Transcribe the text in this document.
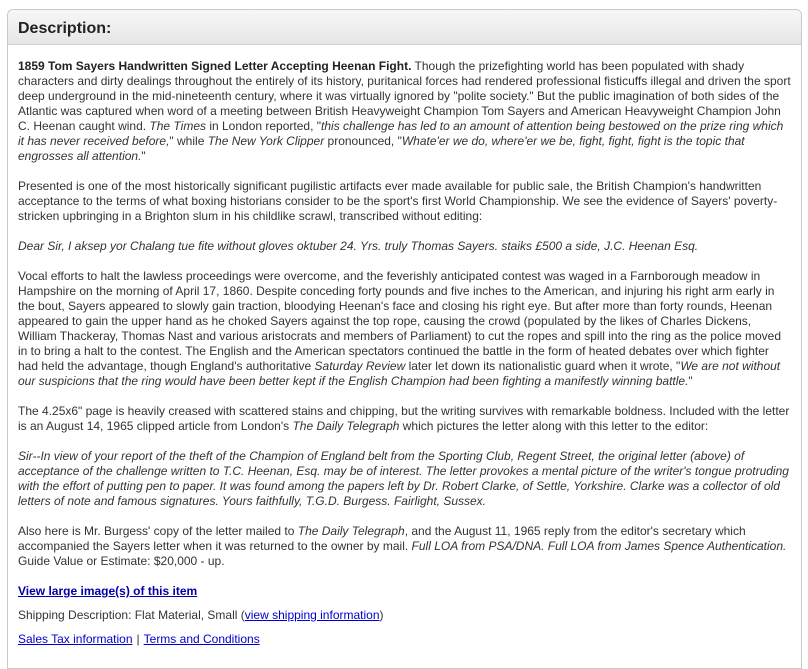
Description:

1859 Tom Sayers Handwritten Signed Letter Accepting Heenan Fight. Though the prizefighting world has been populated with shady characters and dirty dealings throughout the entirely of its history, puritanical forces had rendered professional fisticuffs illegal and driven the sport deep underground in the mid-nineteenth century, where it was virtually ignored by "polite society." But the public imagination of both sides of the Atlantic was captured when word of a meeting between British Heavyweight Champion Tom Sayers and American Heavyweight Champion John C. Heenan caught wind. The Times in London reported, "this challenge has led to an amount of attention being bestowed on the prize ring which it has never received before," while The New York Clipper pronounced, "Whate'er we do, where'er we be, fight, fight, fight is the topic that engrosses all attention."

Presented is one of the most historically significant pugilistic artifacts ever made available for public sale, the British Champion's handwritten acceptance to the terms of what boxing historians consider to be the sport's first World Championship. We see the evidence of Sayers' poverty-stricken upbringing in a Brighton slum in his childlike scrawl, transcribed without editing:

Dear Sir, I aksep yor Chalang tue fite without gloves oktuber 24. Yrs. truly Thomas Sayers. staiks £500 a side, J.C. Heenan Esq.

Vocal efforts to halt the lawless proceedings were overcome, and the feverishly anticipated contest was waged in a Farnborough meadow in Hampshire on the morning of April 17, 1860. Despite conceding forty pounds and five inches to the American, and injuring his right arm early in the bout, Sayers appeared to slowly gain traction, bloodying Heenan's face and closing his right eye. But after more than forty rounds, Heenan appeared to gain the upper hand as he choked Sayers against the top rope, causing the crowd (populated by the likes of Charles Dickens, William Thackeray, Thomas Nast and various aristocrats and members of Parliament) to cut the ropes and spill into the ring as the police moved in to bring a halt to the contest. The English and the American spectators continued the battle in the form of heated debates over which fighter had held the advantage, though England's authoritative Saturday Review later let down its nationalistic guard when it wrote, "We are not without our suspicions that the ring would have been better kept if the English Champion had been fighting a manifestly winning battle."

The 4.25x6" page is heavily creased with scattered stains and chipping, but the writing survives with remarkable boldness. Included with the letter is an August 14, 1965 clipped article from London's The Daily Telegraph which pictures the letter along with this letter to the editor:

Sir--In view of your report of the theft of the Champion of England belt from the Sporting Club, Regent Street, the original letter (above) of acceptance of the challenge written to T.C. Heenan, Esq. may be of interest. The letter provokes a mental picture of the writer's tongue protruding with the effort of putting pen to paper. It was found among the papers left by Dr. Robert Clarke, of Settle, Yorkshire. Clarke was a collector of old letters of note and famous signatures. Yours faithfully, T.G.D. Burgess. Fairlight, Sussex.

Also here is Mr. Burgess' copy of the letter mailed to The Daily Telegraph, and the August 11, 1965 reply from the editor's secretary which accompanied the Sayers letter when it was returned to the owner by mail. Full LOA from PSA/DNA. Full LOA from James Spence Authentication. Guide Value or Estimate: $20,000 - up.

View large image(s) of this item

Shipping Description: Flat Material, Small (view shipping information)

Sales Tax information | Terms and Conditions
